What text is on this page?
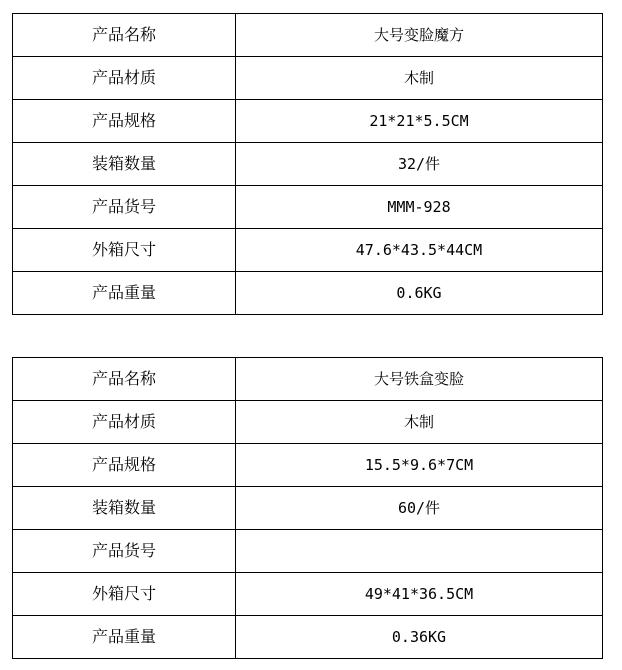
产品名称	大号变脸魔方
产品材质	木制
产品规格	21*21*5.5CM
装箱数量	32/件
产品货号	MMM-928
外箱尺寸	47.6*43.5*44CM
产品重量	0.6KG
产品名称	大号铁盒变脸
产品材质	木制
产品规格	15.5*9.6*7CM
装箱数量	60/件
产品货号	
外箱尺寸	49*41*36.5CM
产品重量	0.36KG
